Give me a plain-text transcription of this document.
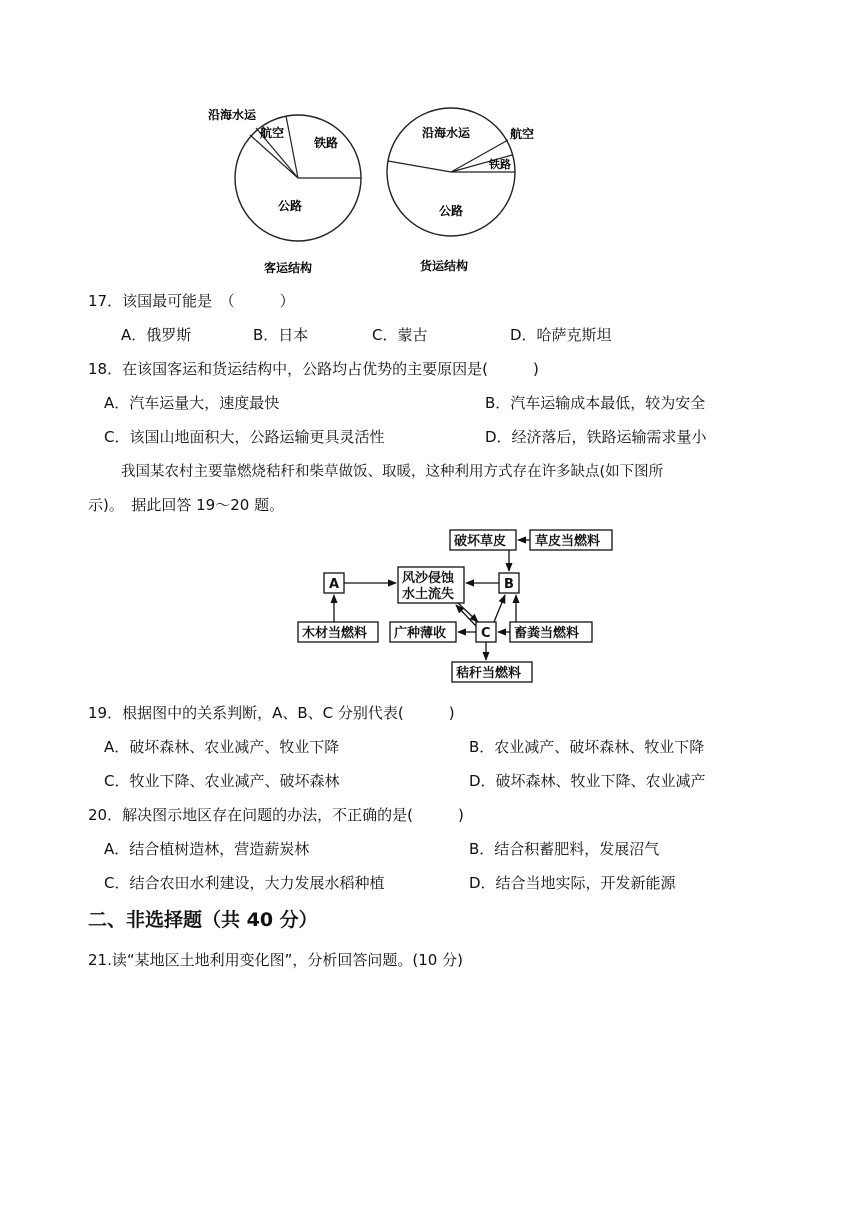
沿海水运
航空
铁路
公路
客运结构
沿海水运	航空
铁路
公路
货运结构
17．该国最可能是　（　　　）
A．俄罗斯	B．日本	C．蒙古	D．哈萨克斯坦
18．在该国客运和货运结构中，公路均占优势的主要原因是(　　　)
A．汽车运量大，速度最快	B．汽车运输成本最低，较为安全
C．该国山地面积大，公路运输更具灵活性	D．经济落后，铁路运输需求量小
我国某农村主要靠燃烧秸秆和柴草做饭、取暖，这种利用方式存在许多缺点(如下图所
示)。　据此回答 19～20 题。
破坏草皮 草皮当燃料
A	风沙侵蚀
水土流失
B
木材当燃料 广种薄收	C 畜粪当燃料
秸秆当燃料
19．根据图中的关系判断，A、B、C 分别代表(　　　)
A．破坏森林、农业减产、牧业下降	B．农业减产、破坏森林、牧业下降
C．牧业下降、农业减产、破坏森林	D．破坏森林、牧业下降、农业减产
20．解决图示地区存在问题的办法，不正确的是(　　　)
A．结合植树造林，营造薪炭林	B．结合积蓄肥料，发展沼气
C．结合农田水利建设，大力发展水稻种植	D．结合当地实际，开发新能源
二、非选择题（共 40 分）
21.读“某地区土地利用变化图”，分析回答问题。(10 分)
